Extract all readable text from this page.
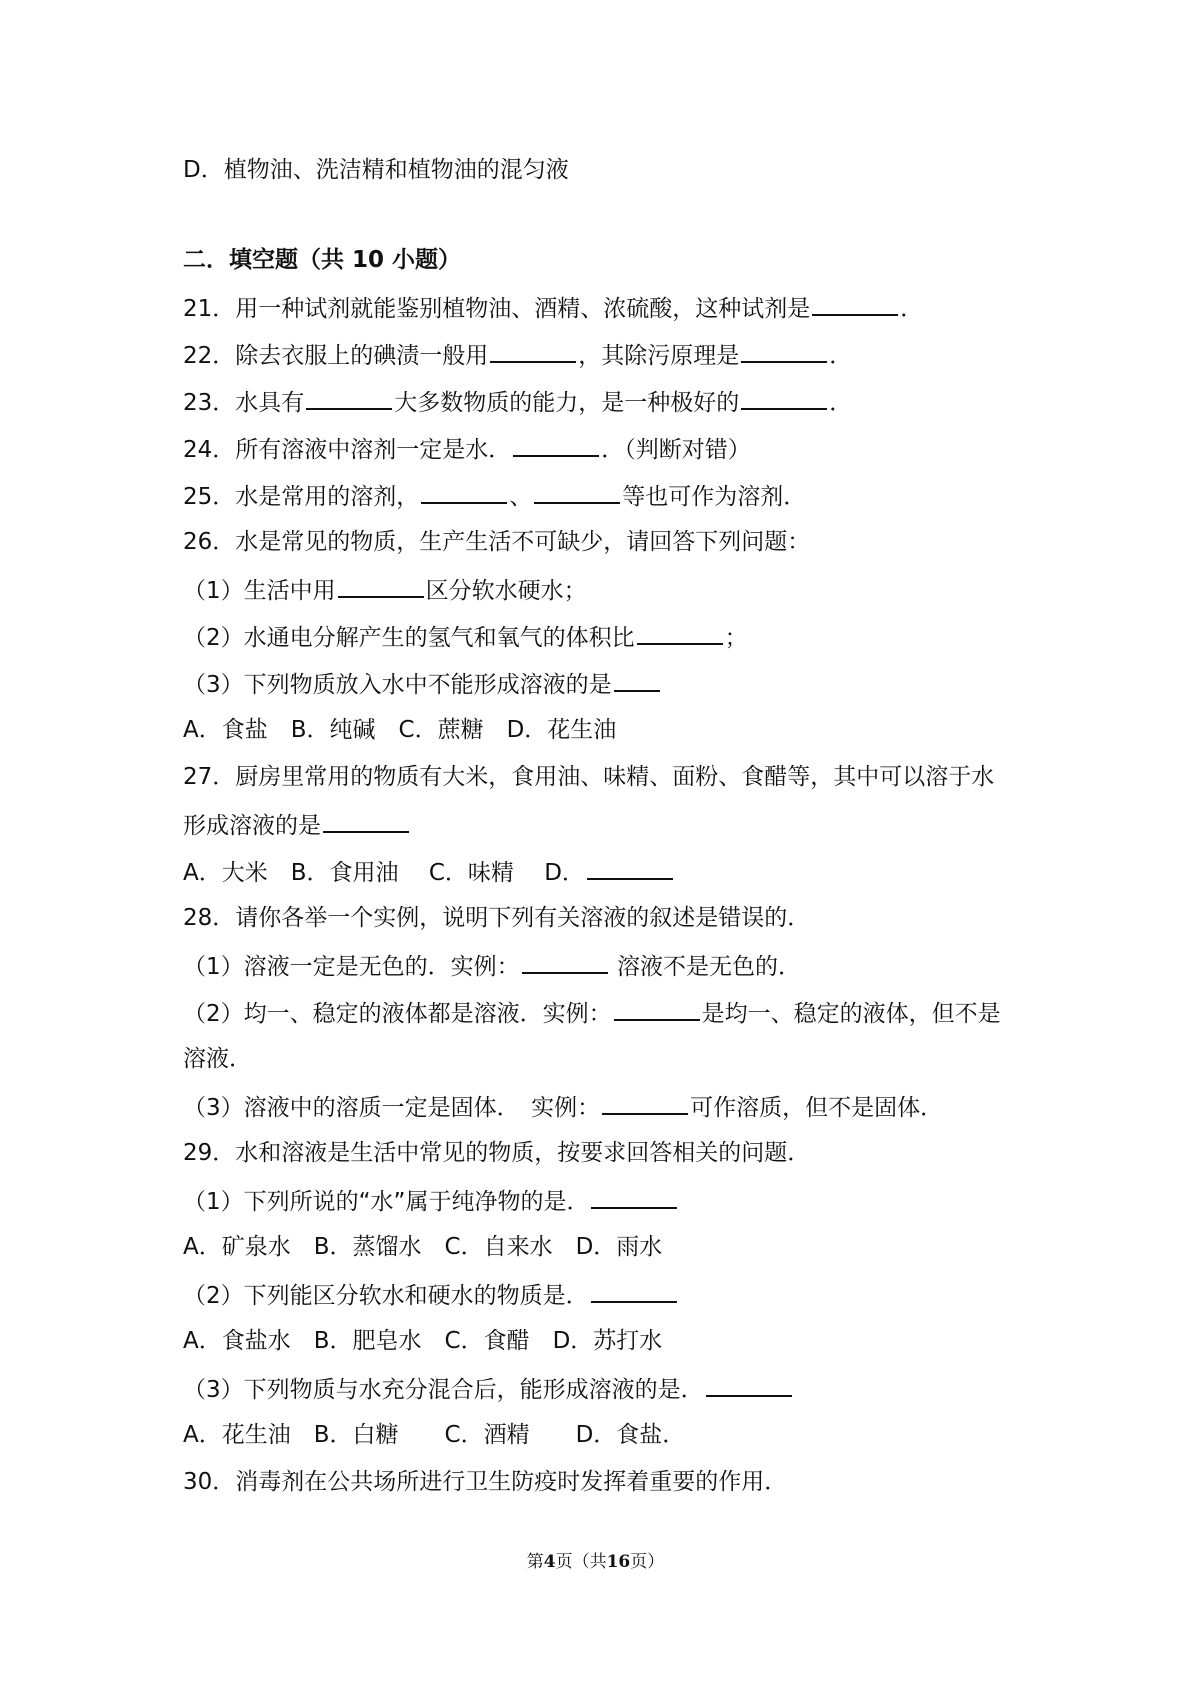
D．植物油、洗洁精和植物油的混匀液
二．填空题（共 10 小题）
21．用一种试剂就能鉴别植物油、酒精、浓硫酸，这种试剂是	．
22．除去衣服上的碘渍一般用	，其除污原理是	．
23．水具有	大多数物质的能力，是一种极好的	．
24．所有溶液中溶剂一定是水．	．（判断对错）
25．水是常用的溶剂，	、	等也可作为溶剂．
26．水是常见的物质，生产生活不可缺少，请回答下列问题：
（1）生活中用	区分软水硬水；
（2）水通电分解产生的氢气和氧气的体积比	；
（3）下列物质放入水中不能形成溶液的是
A．食盐　B．纯碱　C．蔗糖　D．花生油
27．厨房里常用的物质有大米，食用油、味精、面粉、食醋等，其中可以溶于水
形成溶液的是
A．大米　B．食用油　 C．味精　 D．
28．请你各举一个实例，说明下列有关溶液的叙述是错误的．
（1）溶液一定是无色的．实例：	溶液不是无色的．
（2）均一、稳定的液体都是溶液．实例：	是均一、稳定的液体，但不是
溶液．
（3）溶液中的溶质一定是固体．　实例：	可作溶质，但不是固体．
29．水和溶液是生活中常见的物质，按要求回答相关的问题．
（1）下列所说的“水”属于纯净物的是．
A．矿泉水　B．蒸馏水　C．自来水　D．雨水
（2）下列能区分软水和硬水的物质是．
A．食盐水　B．肥皂水　C．食醋　D．苏打水
（3）下列物质与水充分混合后，能形成溶液的是．
A．花生油　B．白糖　　C．酒精　　D．食盐．
30．消毒剂在公共场所进行卫生防疫时发挥着重要的作用．
第4页（共16页）
